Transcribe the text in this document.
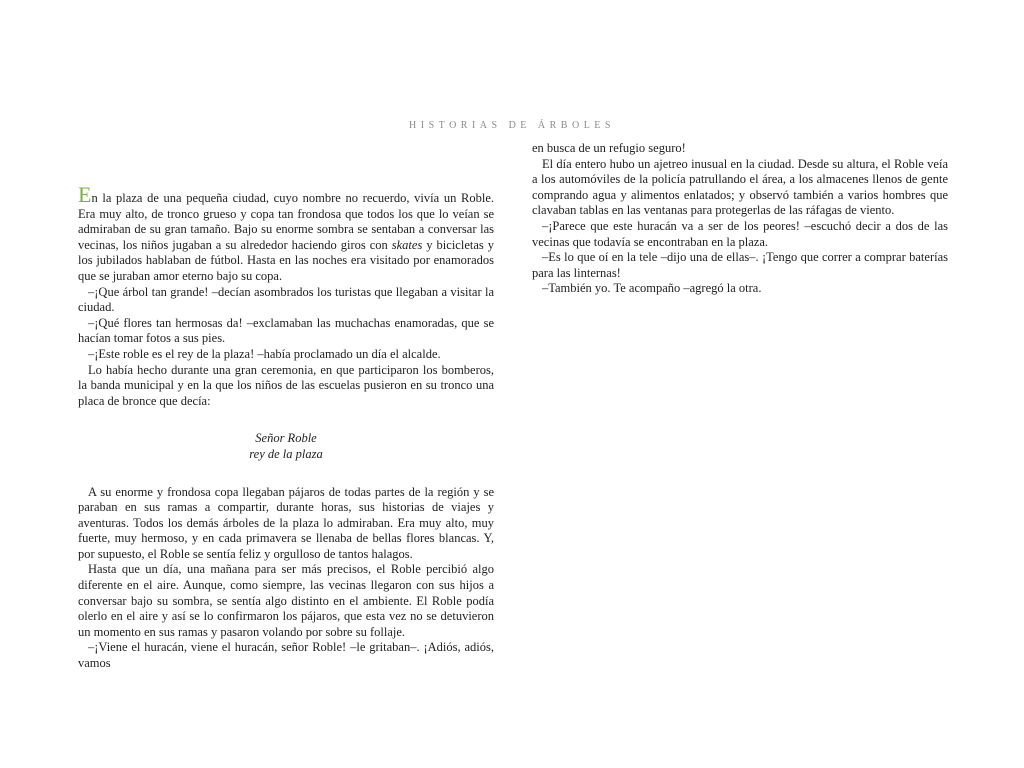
HISTORIAS DE ÁRBOLES

En la plaza de una pequeña ciudad, cuyo nombre no recuerdo, vivía un Roble. Era muy alto, de tronco grueso y copa tan frondosa que todos los que lo veían se admiraban de su gran tamaño. Bajo su enorme sombra se sentaban a conversar las vecinas, los niños jugaban a su alrededor haciendo giros con skates y bicicletas y los jubilados hablaban de fútbol. Hasta en las noches era visitado por enamorados que se juraban amor eterno bajo su copa.

–¡Que árbol tan grande! –decían asombrados los turistas que llegaban a visitar la ciudad.

–¡Qué flores tan hermosas da! –exclamaban las muchachas enamoradas, que se hacían tomar fotos a sus pies.

–¡Este roble es el rey de la plaza! –había proclamado un día el alcalde.

Lo había hecho durante una gran ceremonia, en que participaron los bomberos, la banda municipal y en la que los niños de las escuelas pusieron en su tronco una placa de bronce que decía:

Señor Roble
rey de la plaza

A su enorme y frondosa copa llegaban pájaros de todas partes de la región y se paraban en sus ramas a compartir, durante horas, sus historias de viajes y aventuras. Todos los demás árboles de la plaza lo admiraban. Era muy alto, muy fuerte, muy hermoso, y en cada primavera se llenaba de bellas flores blancas. Y, por supuesto, el Roble se sentía feliz y orgulloso de tantos halagos.

Hasta que un día, una mañana para ser más precisos, el Roble percibió algo diferente en el aire. Aunque, como siempre, las vecinas llegaron con sus hijos a conversar bajo su sombra, se sentía algo distinto en el ambiente. El Roble podía olerlo en el aire y así se lo confirmaron los pájaros, que esta vez no se detuvieron un momento en sus ramas y pasaron volando por sobre su follaje.

–¡Viene el huracán, viene el huracán, señor Roble! –le gritaban–. ¡Adiós, adiós, vamos

en busca de un refugio seguro!

El día entero hubo un ajetreo inusual en la ciudad. Desde su altura, el Roble veía a los automóviles de la policía patrullando el área, a los almacenes llenos de gente comprando agua y alimentos enlatados; y observó también a varios hombres que clavaban tablas en las ventanas para protegerlas de las ráfagas de viento.

–¡Parece que este huracán va a ser de los peores! –escuchó decir a dos de las vecinas que todavía se encontraban en la plaza.

–Es lo que oí en la tele –dijo una de ellas–. ¡Tengo que correr a comprar baterías para las linternas!

–También yo. Te acompaño –agregó la otra.
